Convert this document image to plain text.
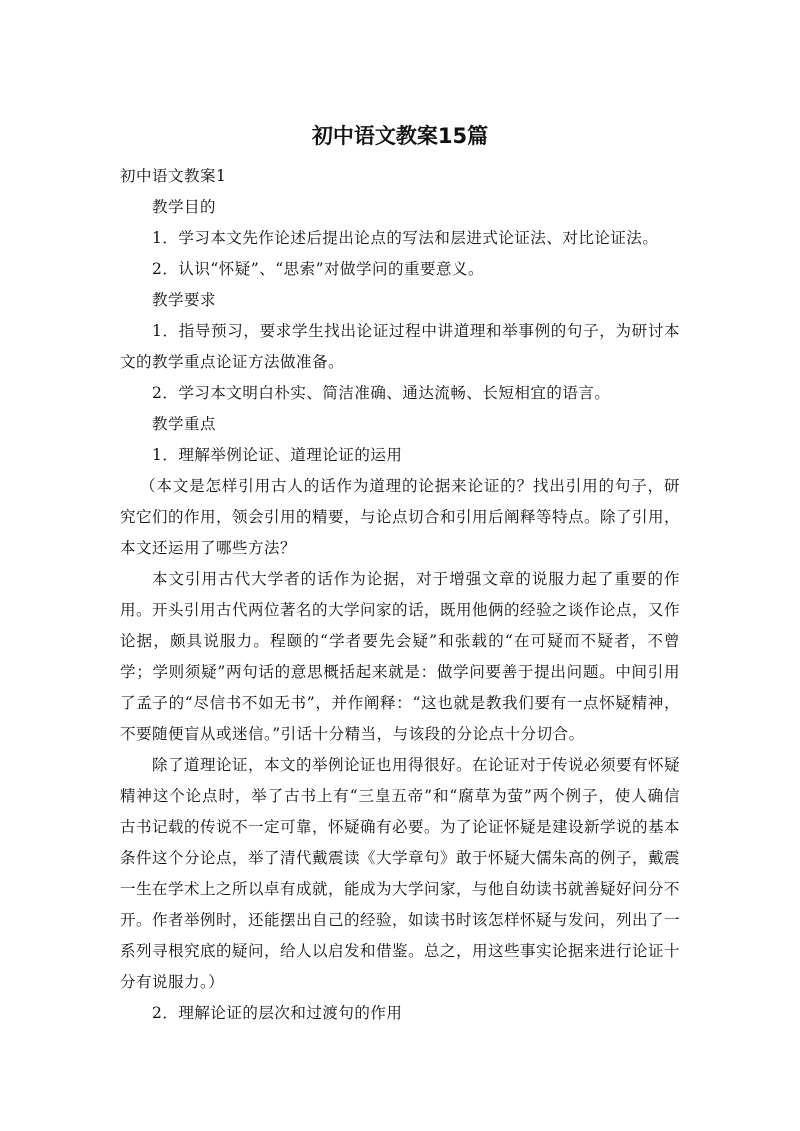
初中语文教案15篇

初中语文教案1

教学目的

1．学习本文先作论述后提出论点的写法和层进式论证法、对比论证法。

2．认识“怀疑”、“思索”对做学问的重要意义。

教学要求

1．指导预习，要求学生找出论证过程中讲道理和举事例的句子，为研讨本文的教学重点论证方法做准备。

2．学习本文明白朴实、简洁准确、通达流畅、长短相宜的语言。

教学重点

1．理解举例论证、道理论证的运用

（本文是怎样引用古人的话作为道理的论据来论证的？找出引用的句子，研究它们的作用，领会引用的精要，与论点切合和引用后阐释等特点。除了引用，本文还运用了哪些方法？

本文引用古代大学者的话作为论据，对于增强文章的说服力起了重要的作用。开头引用古代两位著名的大学问家的话，既用他俩的经验之谈作论点，又作论据，颇具说服力。程颐的“学者要先会疑”和张载的“在可疑而不疑者，不曾学；学则须疑”两句话的意思概括起来就是：做学问要善于提出问题。中间引用了孟子的“尽信书不如无书”，并作阐释：“这也就是教我们要有一点怀疑精神，不要随便盲从或迷信。”引话十分精当，与该段的分论点十分切合。

除了道理论证，本文的举例论证也用得很好。在论证对于传说必须要有怀疑精神这个论点时，举了古书上有“三皇五帝”和“腐草为萤”两个例子，使人确信古书记载的传说不一定可靠，怀疑确有必要。为了论证怀疑是建设新学说的基本条件这个分论点，举了清代戴震读《大学章句》敢于怀疑大儒朱高的例子，戴震一生在学术上之所以卓有成就，能成为大学问家，与他自幼读书就善疑好问分不开。作者举例时，还能摆出自己的经验，如读书时该怎样怀疑与发问，列出了一系列寻根究底的疑问，给人以启发和借鉴。总之，用这些事实论据来进行论证十分有说服力。）

2．理解论证的层次和过渡句的作用
